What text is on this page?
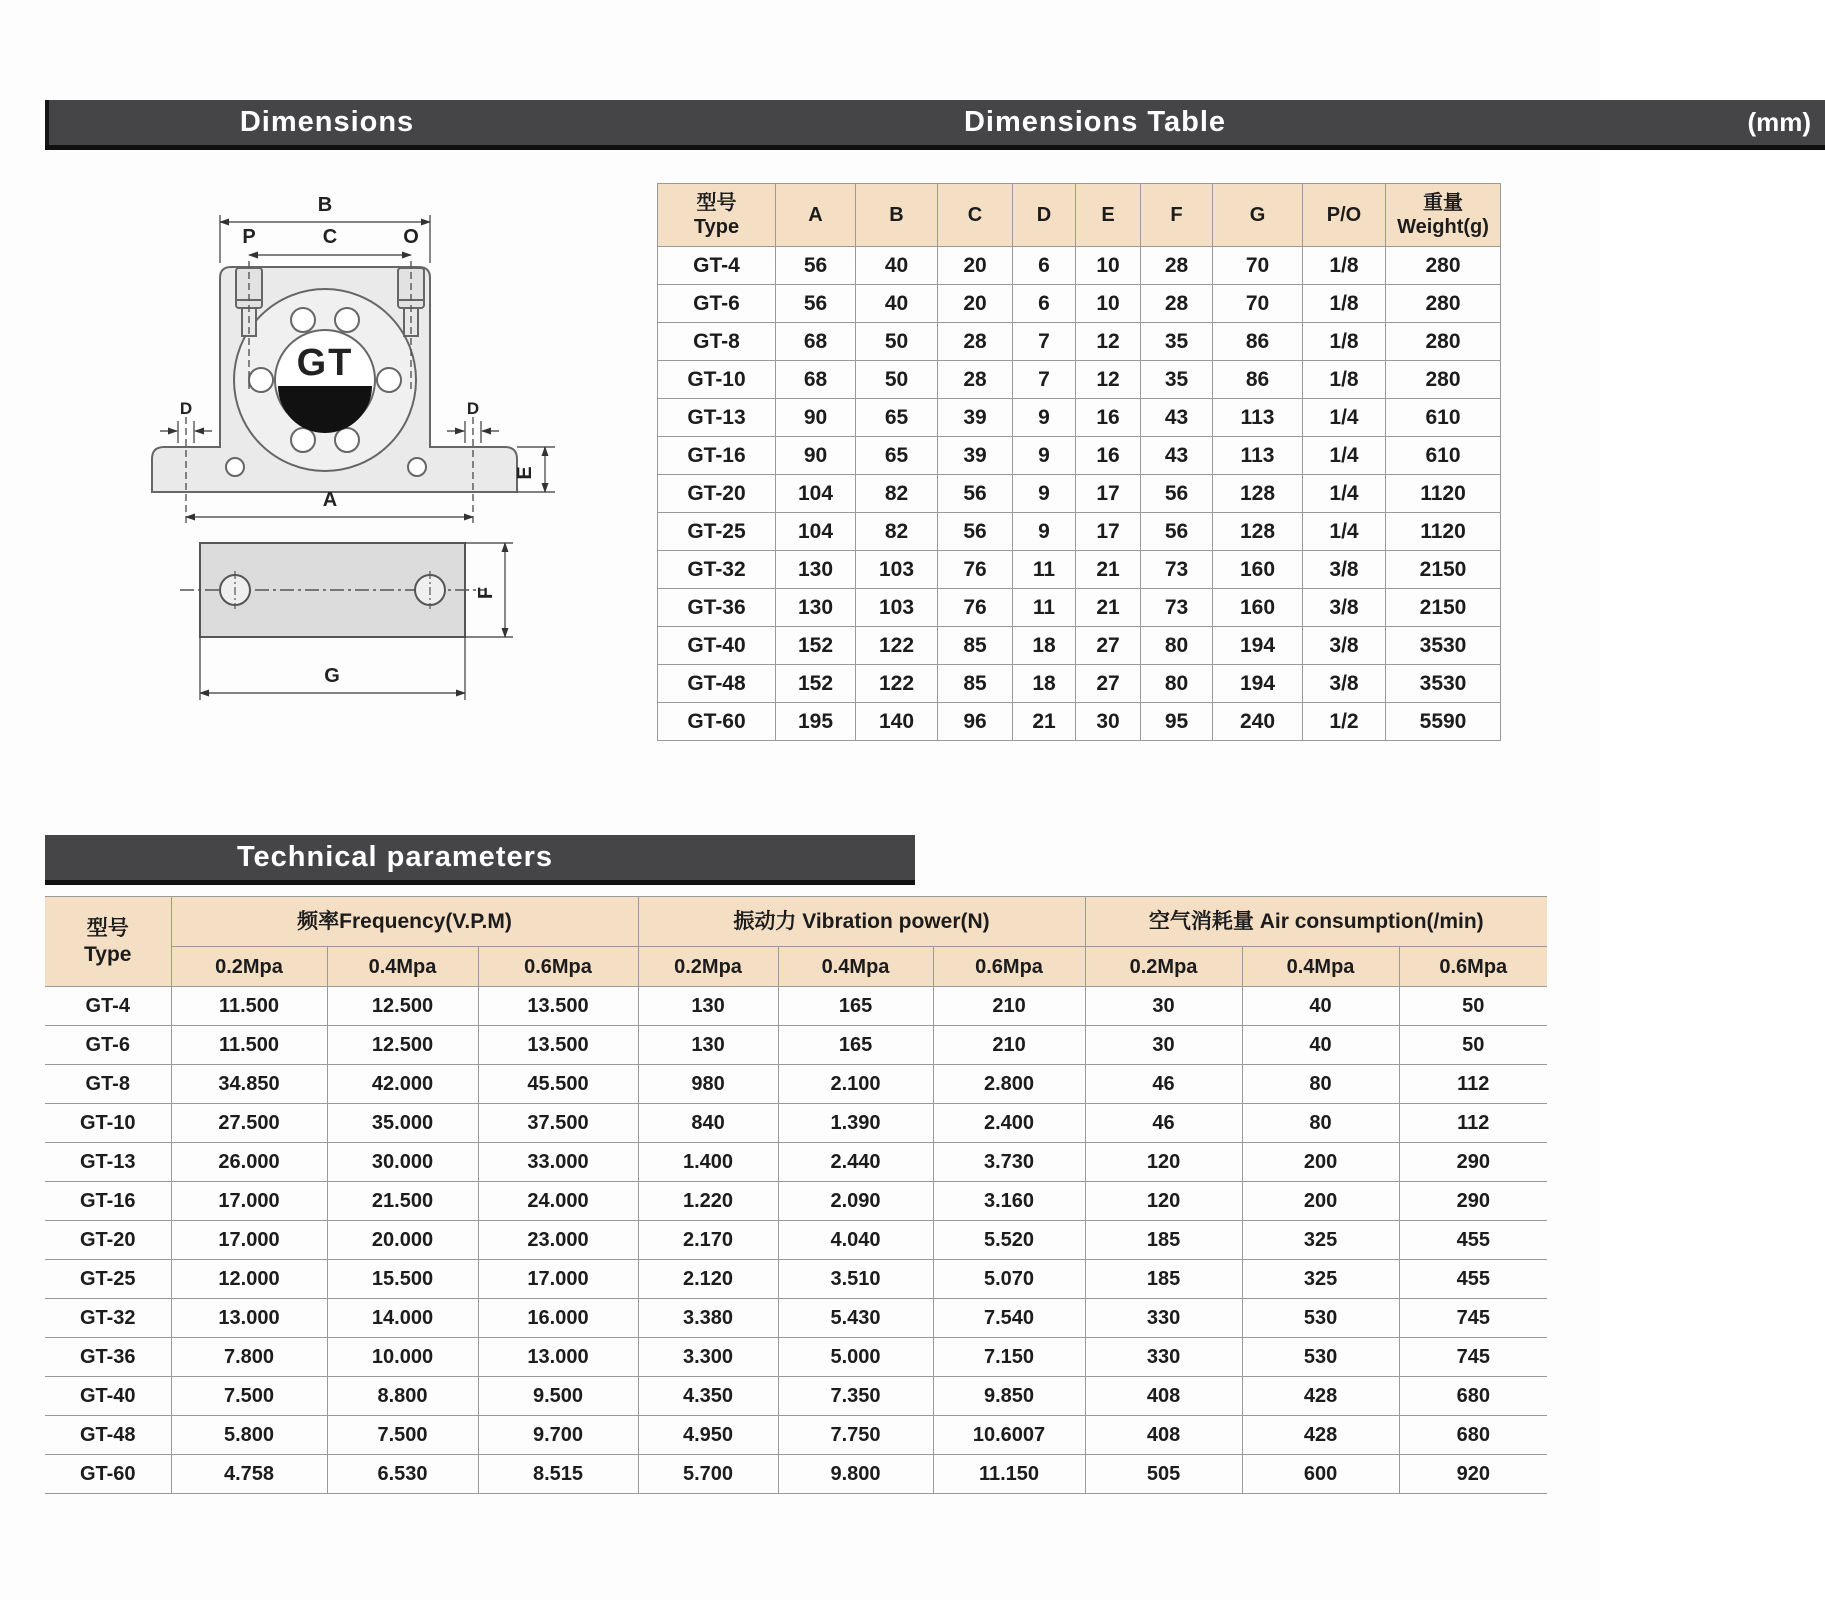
Dimensions	Dimensions Table	(mm)
GT
B
P	C	O
D	D
E
A
F
G
型号
Type	A	B	C	D	E	F	G	P/O	重量
Weight(g)
GT-4	56	40	20	6	10	28	70	1/8	280
GT-6	56	40	20	6	10	28	70	1/8	280
GT-8	68	50	28	7	12	35	86	1/8	280
GT-10	68	50	28	7	12	35	86	1/8	280
GT-13	90	65	39	9	16	43	113	1/4	610
GT-16	90	65	39	9	16	43	113	1/4	610
GT-20	104	82	56	9	17	56	128	1/4	1120
GT-25	104	82	56	9	17	56	128	1/4	1120
GT-32	130	103	76	11	21	73	160	3/8	2150
GT-36	130	103	76	11	21	73	160	3/8	2150
GT-40	152	122	85	18	27	80	194	3/8	3530
GT-48	152	122	85	18	27	80	194	3/8	3530
GT-60	195	140	96	21	30	95	240	1/2	5590
Technical parameters
型号
Type	频率Frequency(V.P.M)			振动力 Vibration power(N)			空气消耗量 Air consumption(/min)		
	0.2Mpa	0.4Mpa	0.6Mpa	0.2Mpa	0.4Mpa	0.6Mpa	0.2Mpa	0.4Mpa	0.6Mpa
GT-4	11.500	12.500	13.500	130	165	210	30	40	50
GT-6	11.500	12.500	13.500	130	165	210	30	40	50
GT-8	34.850	42.000	45.500	980	2.100	2.800	46	80	112
GT-10	27.500	35.000	37.500	840	1.390	2.400	46	80	112
GT-13	26.000	30.000	33.000	1.400	2.440	3.730	120	200	290
GT-16	17.000	21.500	24.000	1.220	2.090	3.160	120	200	290
GT-20	17.000	20.000	23.000	2.170	4.040	5.520	185	325	455
GT-25	12.000	15.500	17.000	2.120	3.510	5.070	185	325	455
GT-32	13.000	14.000	16.000	3.380	5.430	7.540	330	530	745
GT-36	7.800	10.000	13.000	3.300	5.000	7.150	330	530	745
GT-40	7.500	8.800	9.500	4.350	7.350	9.850	408	428	680
GT-48	5.800	7.500	9.700	4.950	7.750	10.6007	408	428	680
GT-60	4.758	6.530	8.515	5.700	9.800	11.150	505	600	920
